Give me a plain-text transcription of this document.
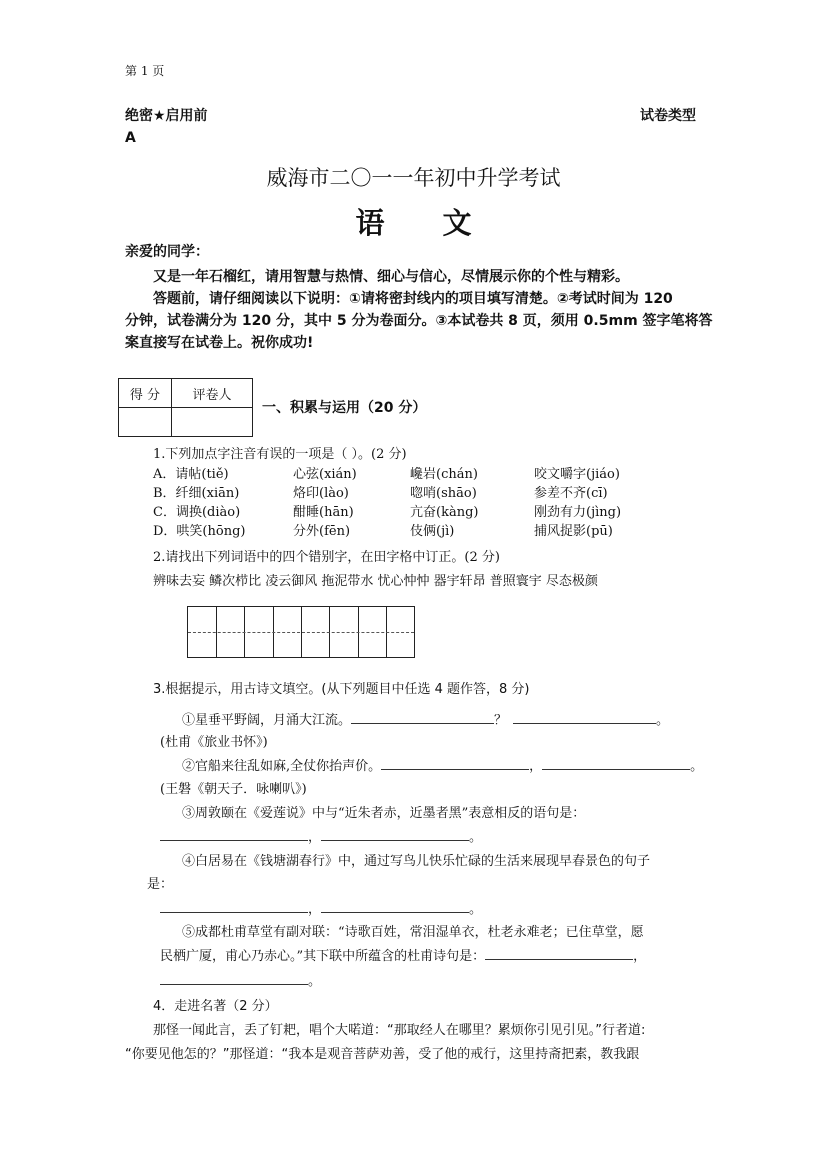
第 1 页
绝密★启用前	试卷类型
A
威海市二〇一一年初中升学考试
语文
亲爱的同学：
又是一年石榴红，请用智慧与热情、细心与信心，尽情展示你的个性与精彩。
答题前，请仔细阅读以下说明：①请将密封线内的项目填写清楚。②考试时间为 120
分钟，试卷满分为 120 分，其中 5 分为卷面分。③本试卷共 8 页，须用 0.5mm 签字笔将答
案直接写在试卷上。祝你成功!
得 分	评卷人

一、积累与运用（20 分）
1.下列加点字注音有误的一项是（ ）。(2 分)
A．请帖(tiě)	心弦(xián)	巉岩(chán)	咬文嚼字(jiáo)
B．纤细(xiān)	烙印(lào)	唿哨(shāo)	参差不齐(cī)
C．调换(diào)	酣睡(hān)	亢奋(kàng)	刚劲有力(jìng)
D．哄笑(hōng)	分外(fēn)	伎俩(jì)	捕风捉影(pū)
2.请找出下列词语中的四个错别字，在田字格中订正。(2 分)
辨味去妄 鳞次栉比 凌云御风 拖泥带水 忧心忡忡 器宇轩昂 普照寰宇 尽态极颜
3.根据提示，用古诗文填空。(从下列题目中任选 4 题作答，8 分)
①星垂平野阔，月涌大江流。	？	。
(杜甫《旅业书怀》)
②官船来往乱如麻,全仗你抬声价。	，	。
(王磐《朝天子．咏喇叭》)
③周敦颐在《爱莲说》中与“近朱者赤，近墨者黑”表意相反的语句是：
，	。
④白居易在《钱塘湖春行》中，通过写鸟儿快乐忙碌的生活来展现早春景色的句子
是：
，	。
⑤成都杜甫草堂有副对联：“诗歌百姓，常泪湿单衣，杜老永难老；已住草堂，愿
民栖广厦，甫心乃赤心。”其下联中所蕴含的杜甫诗句是：	，
。
4．走进名著（2 分）
那怪一闻此言，丢了钉耙，唱个大喏道：“那取经人在哪里？累烦你引见引见。”行者道:
“你要见他怎的？”那怪道：“我本是观音菩萨劝善，受了他的戒行，这里持斋把素，教我跟
